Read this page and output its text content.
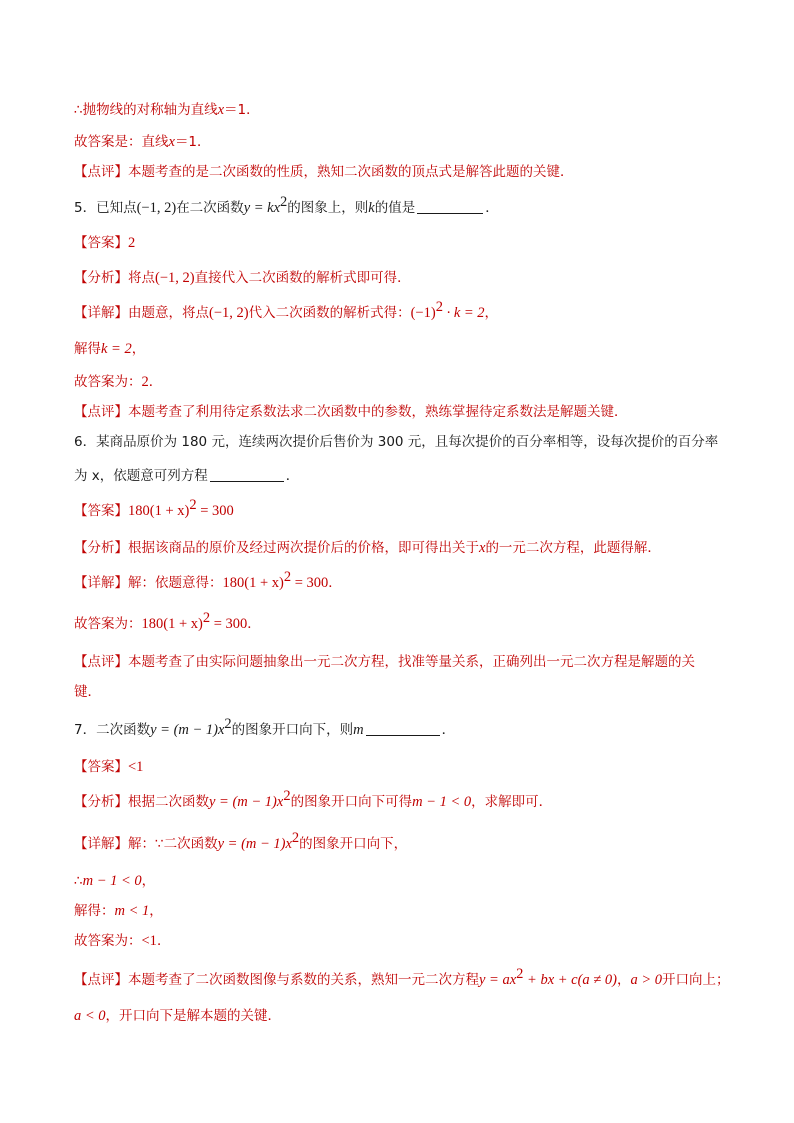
∴抛物线的对称轴为直线x＝1．
故答案是：直线x＝1．
【点评】本题考查的是二次函数的性质，熟知二次函数的顶点式是解答此题的关键．
5．已知点(−1, 2)在二次函数$y = kx^2$的图象上，则k的值是	．
【答案】2
【分析】将点(−1, 2)直接代入二次函数的解析式即可得．
【详解】由题意，将点(−1, 2)代入二次函数的解析式得：$(-1)^2 \cdot k = 2$，
解得k = 2，
故答案为：2．
【点评】本题考查了利用待定系数法求二次函数中的参数，熟练掌握待定系数法是解题关键．
6．某商品原价为 180 元，连续两次提价后售价为 300 元，且每次提价的百分率相等，设每次提价的百分率
为 x，依题意可列方程	．
【答案】$180(1 + x)^2 = 300$
【分析】根据该商品的原价及经过两次提价后的价格，即可得出关于x的一元二次方程，此题得解．
【详解】解：依题意得：$180(1 + x)^2 = 300$．
故答案为：$180(1 + x)^2 = 300$．
【点评】本题考查了由实际问题抽象出一元二次方程，找准等量关系，正确列出一元二次方程是解题的关
键．
7．二次函数$y = (m - 1)x^2$的图象开口向下，则m	．
【答案】<1
【分析】根据二次函数$y = (m - 1)x^2$的图象开口向下可得m − 1 < 0，求解即可．
【详解】解：∵二次函数$y = (m - 1)x^2$的图象开口向下，
∴m − 1 < 0，
解得：m < 1，
故答案为：<1．
【点评】本题考查了二次函数图像与系数的关系，熟知一元二次方程$y = ax^2$ + bx + c(a ≠ 0)，a > 0开口向上；
a < 0，开口向下是解本题的关键．
